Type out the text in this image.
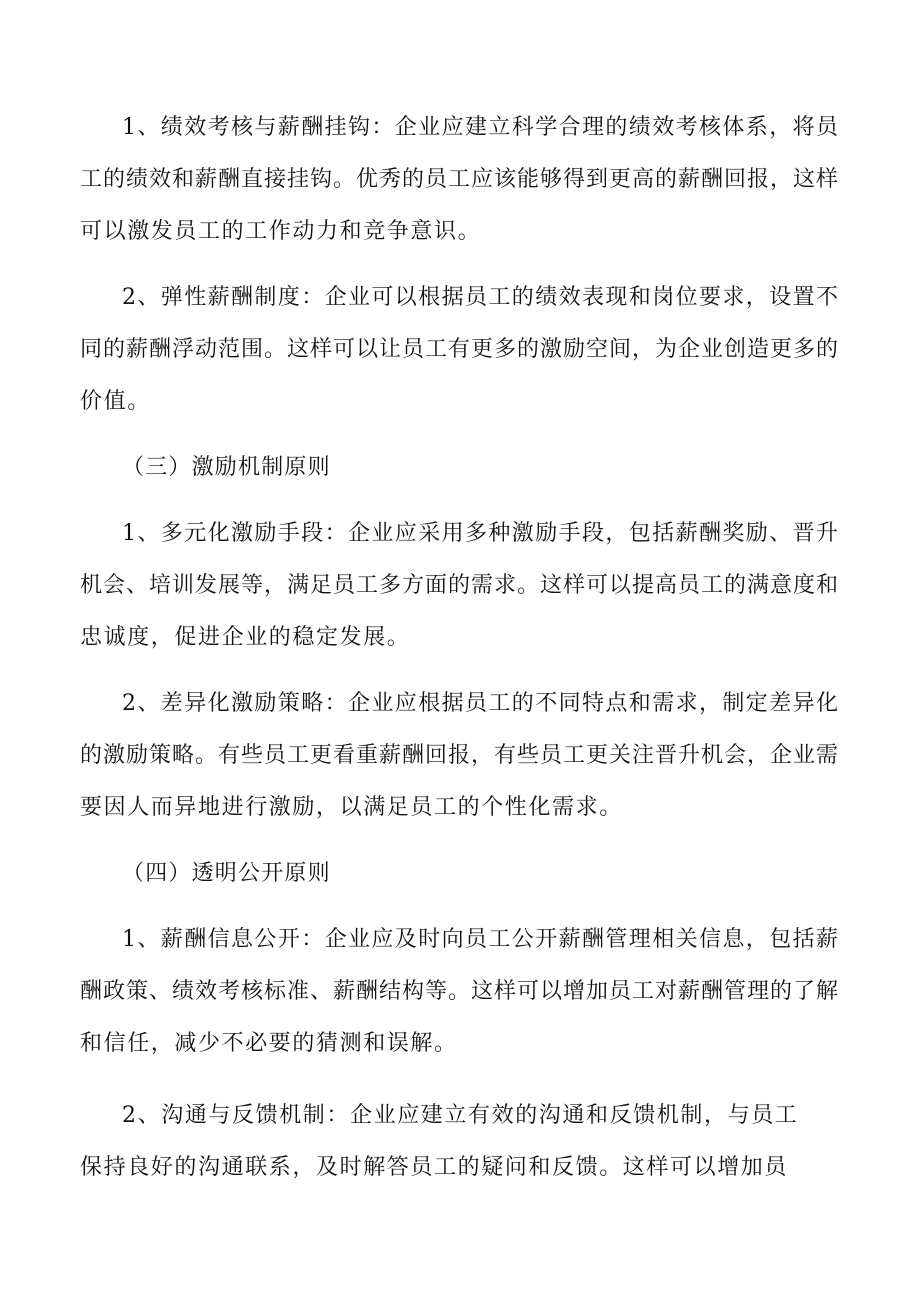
1、绩效考核与薪酬挂钩：企业应建立科学合理的绩效考核体系，将员
工的绩效和薪酬直接挂钩。优秀的员工应该能够得到更高的薪酬回报，这样
可以激发员工的工作动力和竞争意识。
2、弹性薪酬制度：企业可以根据员工的绩效表现和岗位要求，设置不
同的薪酬浮动范围。这样可以让员工有更多的激励空间，为企业创造更多的
价值。
（三）激励机制原则
1、多元化激励手段：企业应采用多种激励手段，包括薪酬奖励、晋升
机会、培训发展等，满足员工多方面的需求。这样可以提高员工的满意度和
忠诚度，促进企业的稳定发展。
2、差异化激励策略：企业应根据员工的不同特点和需求，制定差异化
的激励策略。有些员工更看重薪酬回报，有些员工更关注晋升机会，企业需
要因人而异地进行激励，以满足员工的个性化需求。
（四）透明公开原则
1、薪酬信息公开：企业应及时向员工公开薪酬管理相关信息，包括薪
酬政策、绩效考核标准、薪酬结构等。这样可以增加员工对薪酬管理的了解
和信任，减少不必要的猜测和误解。
2、沟通与反馈机制：企业应建立有效的沟通和反馈机制，与员工
保持良好的沟通联系，及时解答员工的疑问和反馈。这样可以增加员
